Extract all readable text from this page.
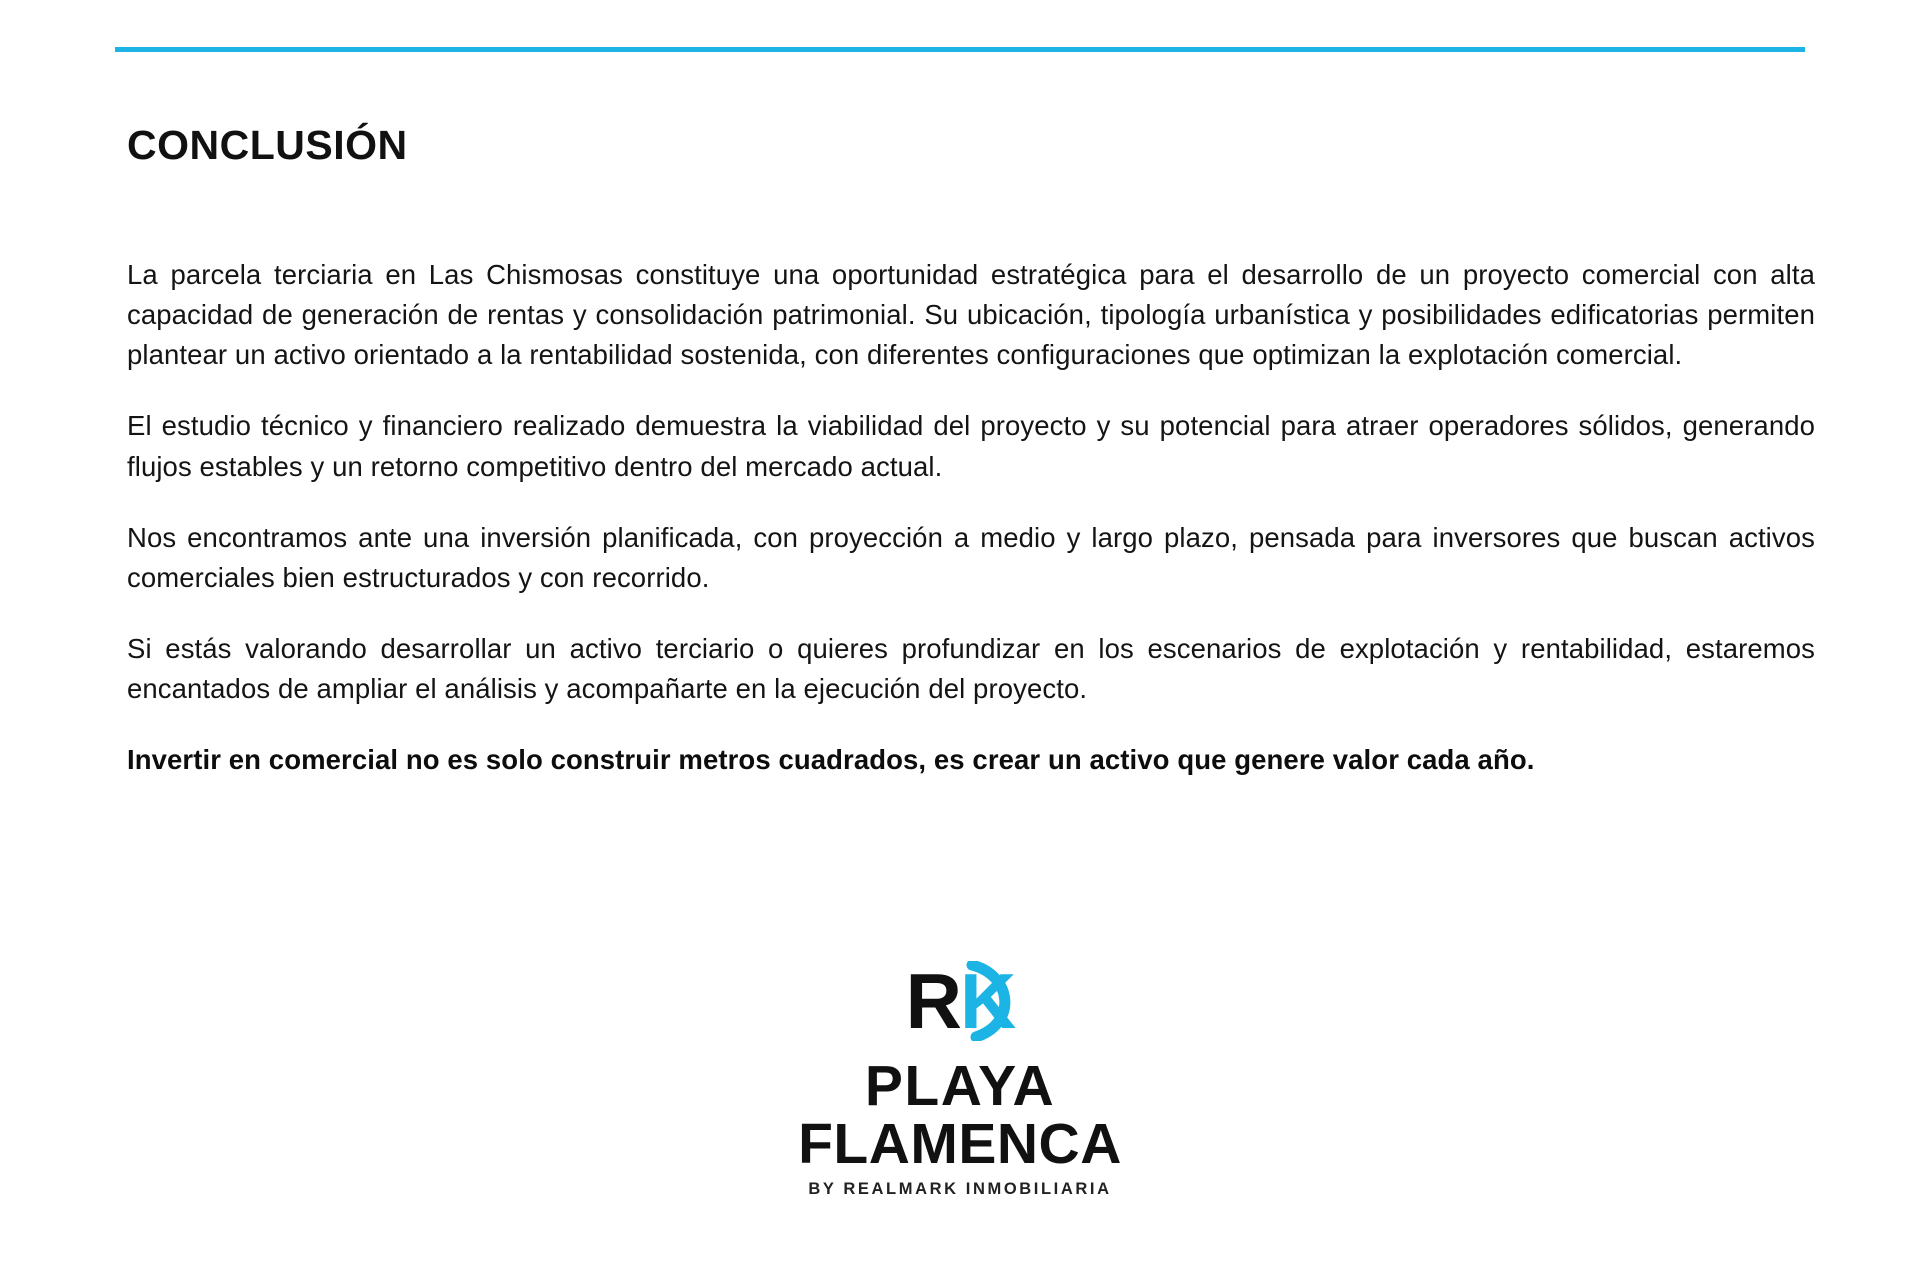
CONCLUSIÓN

La parcela terciaria en Las Chismosas constituye una oportunidad estratégica para el desarrollo de un proyecto comercial con alta capacidad de generación de rentas y consolidación patrimonial. Su ubicación, tipología urbanística y posibilidades edificatorias permiten plantear un activo orientado a la rentabilidad sostenida, con diferentes configuraciones que optimizan la explotación comercial.

El estudio técnico y financiero realizado demuestra la viabilidad del proyecto y su potencial para atraer operadores sólidos, generando flujos estables y un retorno competitivo dentro del mercado actual.

Nos encontramos ante una inversión planificada, con proyección a medio y largo plazo, pensada para inversores que buscan activos comerciales bien estructurados y con recorrido.

Si estás valorando desarrollar un activo terciario o quieres profundizar en los escenarios de explotación y rentabilidad, estaremos encantados de ampliar el análisis y acompañarte en la ejecución del proyecto.

Invertir en comercial no es solo construir metros cuadrados, es crear un activo que genere valor cada año.

RK
PLAYA
FLAMENCA
BY REALMARK INMOBILIARIA
